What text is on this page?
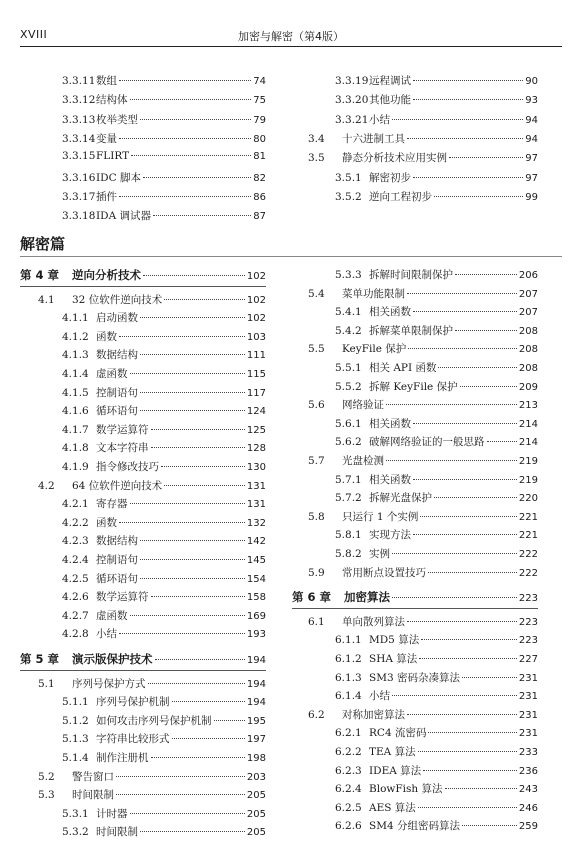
XVIII	加密与解密（第4版）
3.3.11 数组	74
3.3.12 结构体	75
3.3.13 枚举类型	79
3.3.14 变量	80
3.3.15 FLIRT	81
3.3.16 IDC 脚本	82
3.3.17 插件	86
3.3.18 IDA 调试器	87
3.3.19 远程调试	90
3.3.20 其他功能	93
3.3.21 小结	94
3.4	十六进制工具	94
3.5	静态分析技术应用实例	97
3.5.1 解密初步	97
3.5.2 逆向工程初步	99
解密篇
第 4 章	逆向分析技术	102
4.1	32 位软件逆向技术	102
4.1.1 启动函数	102
4.1.2 函数	103
4.1.3 数据结构	111
4.1.4 虚函数	115
4.1.5 控制语句	117
4.1.6 循环语句	124
4.1.7 数学运算符	125
4.1.8 文本字符串	128
4.1.9 指令修改技巧	130
4.2	64 位软件逆向技术	131
4.2.1 寄存器	131
4.2.2 函数	132
4.2.3 数据结构	142
4.2.4 控制语句	145
4.2.5 循环语句	154
4.2.6 数学运算符	158
4.2.7 虚函数	169
4.2.8 小结	193
第 5 章	演示版保护技术	194
5.1	序列号保护方式	194
5.1.1 序列号保护机制	194
5.1.2 如何攻击序列号保护机制	195
5.1.3 字符串比较形式	197
5.1.4 制作注册机	198
5.2	警告窗口	203
5.3	时间限制	205
5.3.1 计时器	205
5.3.2 时间限制	205
5.3.3 拆解时间限制保护	206
5.4	菜单功能限制	207
5.4.1 相关函数	207
5.4.2 拆解菜单限制保护	208
5.5	KeyFile 保护	208
5.5.1 相关 API 函数	208
5.5.2 拆解 KeyFile 保护	209
5.6	网络验证	213
5.6.1 相关函数	214
5.6.2 破解网络验证的一般思路	214
5.7	光盘检测	219
5.7.1 相关函数	219
5.7.2 拆解光盘保护	220
5.8	只运行 1 个实例	221
5.8.1 实现方法	221
5.8.2 实例	222
5.9	常用断点设置技巧	222
第 6 章	加密算法	223
6.1	单向散列算法	223
6.1.1 MD5 算法	223
6.1.2 SHA 算法	227
6.1.3 SM3 密码杂凑算法	231
6.1.4 小结	231
6.2	对称加密算法	231
6.2.1 RC4 流密码	231
6.2.2 TEA 算法	233
6.2.3 IDEA 算法	236
6.2.4 BlowFish 算法	243
6.2.5 AES 算法	246
6.2.6 SM4 分组密码算法	259
